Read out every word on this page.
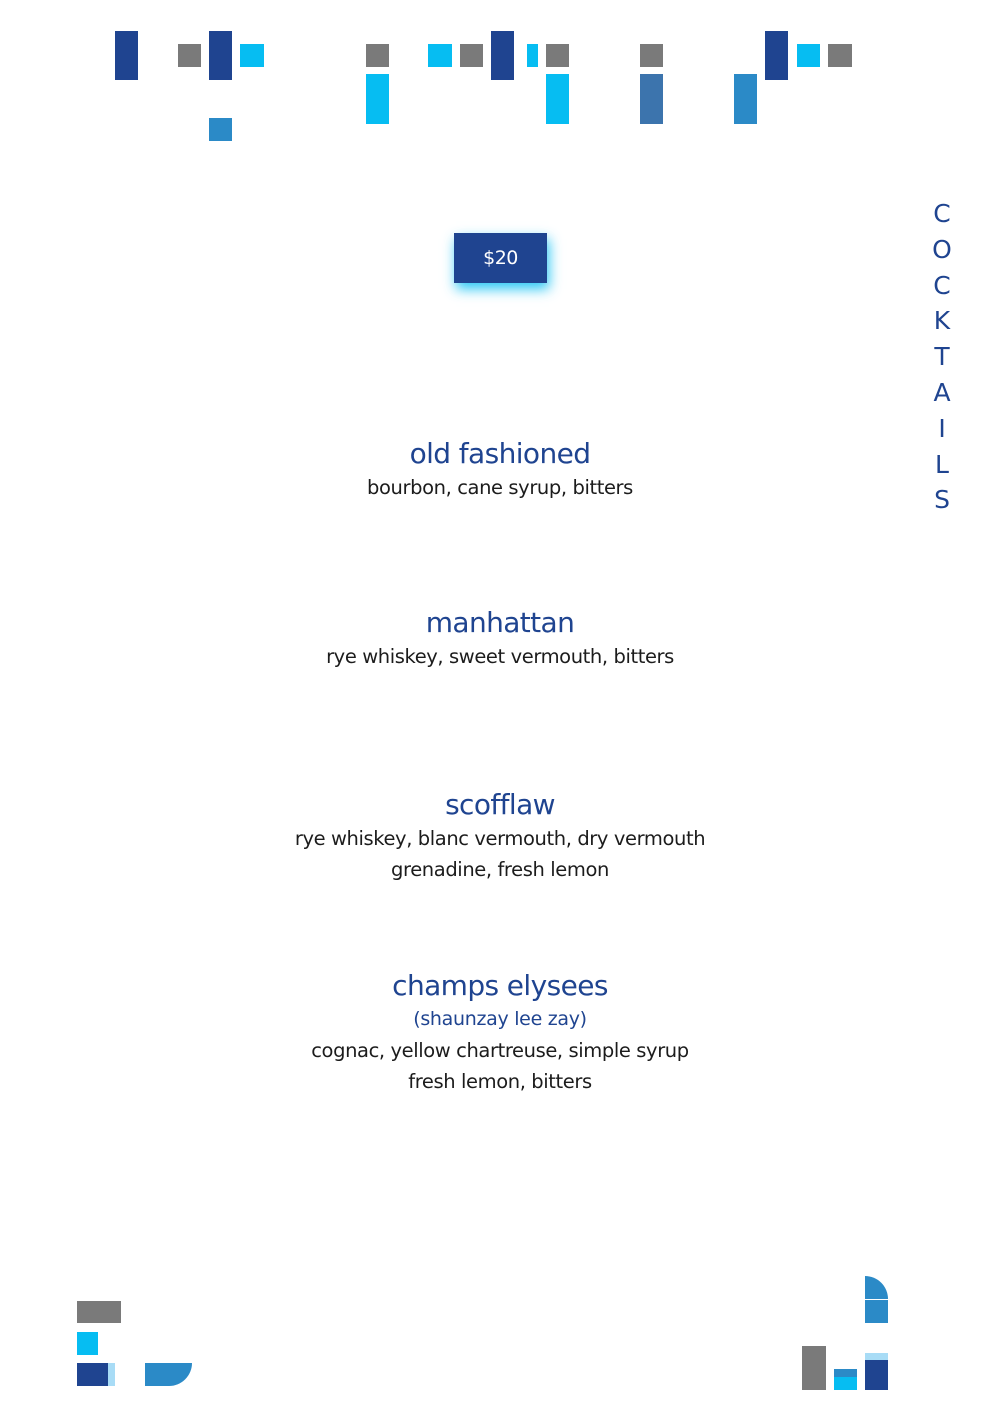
$20
C
O
C
K
T
A
I
L
S
old fashioned
bourbon, cane syrup, bitters
manhattan
rye whiskey, sweet vermouth, bitters
scofflaw
rye whiskey, blanc vermouth, dry vermouth
grenadine, fresh lemon
champs elysees
(shaunzay lee zay)
cognac, yellow chartreuse, simple syrup
fresh lemon, bitters
